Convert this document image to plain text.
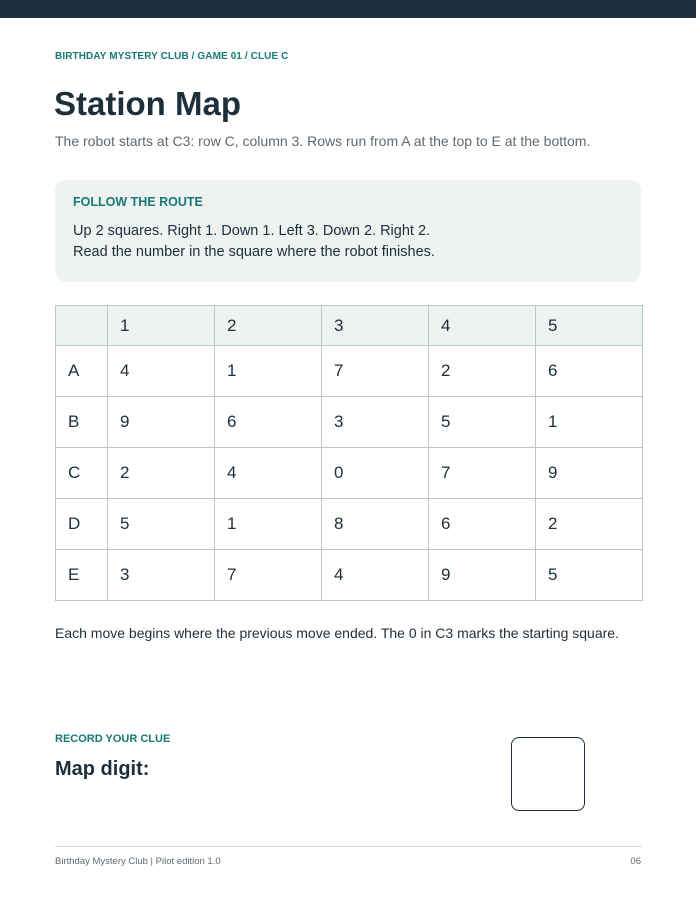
BIRTHDAY MYSTERY CLUB / GAME 01 / CLUE C
Station Map
The robot starts at C3: row C, column 3. Rows run from A at the top to E at the bottom.
FOLLOW THE ROUTE
Up 2 squares. Right 1. Down 1. Left 3. Down 2. Right 2.
Read the number in the square where the robot finishes.
	1	2	3	4	5
A	4	1	7	2	6
B	9	6	3	5	1
C	2	4	0	7	9
D	5	1	8	6	2
E	3	7	4	9	5
Each move begins where the previous move ended. The 0 in C3 marks the starting square.
RECORD YOUR CLUE
Map digit:
Birthday Mystery Club | Pilot edition 1.0	06
